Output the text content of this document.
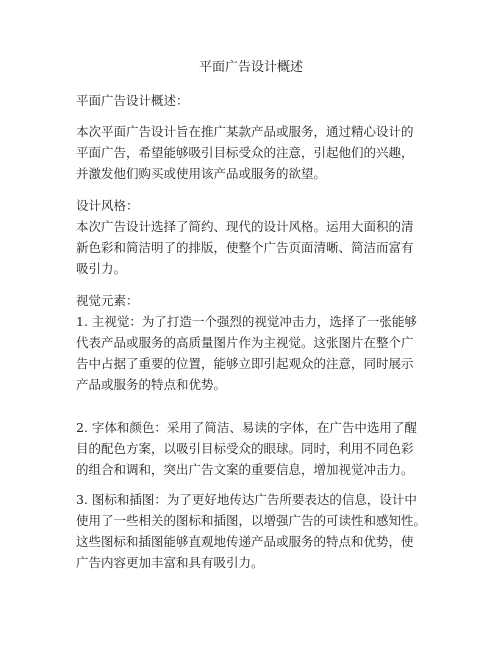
平面广告设计概述

平面广告设计概述：

本次平面广告设计旨在推广某款产品或服务，通过精心设计的

平面广告，希望能够吸引目标受众的注意，引起他们的兴趣，

并激发他们购买或使用该产品或服务的欲望。

设计风格：

本次广告设计选择了简约、现代的设计风格。运用大面积的清

新色彩和简洁明了的排版，使整个广告页面清晰、简洁而富有

吸引力。

视觉元素：

1. 主视觉：为了打造一个强烈的视觉冲击力，选择了一张能够

代表产品或服务的高质量图片作为主视觉。这张图片在整个广

告中占据了重要的位置，能够立即引起观众的注意，同时展示

产品或服务的特点和优势。

2. 字体和颜色：采用了简洁、易读的字体，在广告中选用了醒

目的配色方案，以吸引目标受众的眼球。同时，利用不同色彩

的组合和调和，突出广告文案的重要信息，增加视觉冲击力。

3. 图标和插图：为了更好地传达广告所要表达的信息，设计中

使用了一些相关的图标和插图，以增强广告的可读性和感知性。

这些图标和插图能够直观地传递产品或服务的特点和优势，使

广告内容更加丰富和具有吸引力。
